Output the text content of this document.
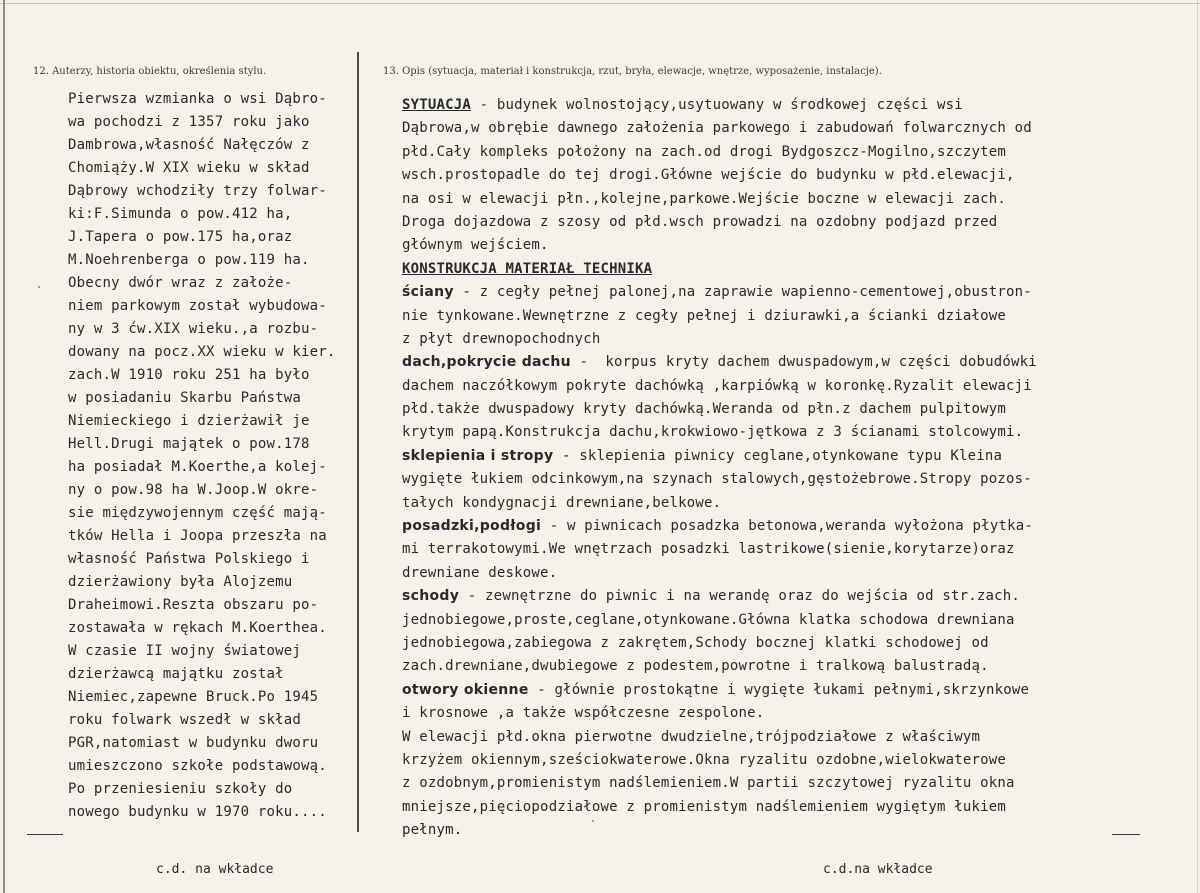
12. Auterzy, historia obiektu, określenia stylu.	13. Opis (sytuacja, materiał i konstrukcja, rzut, bryła, elewacje, wnętrze, wyposażenie, instalacje).
Pierwsza wzmianka o wsi Dąbro-
wa pochodzi z 1357 roku jako
Dambrowa,własność Nałęczów z
Chomiąży.W XIX wieku w skład
Dąbrowy wchodziły trzy folwar-
ki:F.Simunda o pow.412 ha,
J.Tapera o pow.175 ha,oraz
M.Noehrenberga o pow.119 ha.
Obecny dwór wraz z założe-
niem parkowym został wybudowa-
ny w 3 ćw.XIX wieku.,a rozbu-
dowany na pocz.XX wieku w kier.
zach.W 1910 roku 251 ha było
w posiadaniu Skarbu Państwa
Niemieckiego i dzierżawił je
Hell.Drugi majątek o pow.178
ha posiadał M.Koerthe,a kolej-
ny o pow.98 ha W.Joop.W okre-
sie międzywojennym część mają-
tków Hella i Joopa przeszła na
własność Państwa Polskiego i
dzierżawiony była Alojzemu
Draheimowi.Reszta obszaru po-
zostawała w rękach M.Koerthea.
W czasie II wojny światowej
dzierżawcą majątku został
Niemiec,zapewne Bruck.Po 1945
roku folwark wszedł w skład
PGR,natomiast w budynku dworu
umieszczono szkołe podstawową.
Po przeniesieniu szkoły do
nowego budynku w 1970 roku....
SYTUACJA - budynek wolnostojący,usytuowany w środkowej części wsi
Dąbrowa,w obrębie dawnego założenia parkowego i zabudowań folwarcznych od
płd.Cały kompleks położony na zach.od drogi Bydgoszcz-Mogilno,szczytem
wsch.prostopadle do tej drogi.Główne wejście do budynku w płd.elewacji,
na osi w elewacji płn.,kolejne,parkowe.Wejście boczne w elewacji zach.
Droga dojazdowa z szosy od płd.wsch prowadzi na ozdobny podjazd przed
głównym wejściem.
KONSTRUKCJA MATERIAŁ TECHNIKA
ściany - z cegły pełnej palonej,na zaprawie wapienno-cementowej,obustron-
nie tynkowane.Wewnętrzne z cegły pełnej i dziurawki,a ścianki działowe
z płyt drewnopochodnych
dach,pokrycie dachu -  korpus kryty dachem dwuspadowym,w części dobudówki
dachem naczółkowym pokryte dachówką ,karpiówką w koronkę.Ryzalit elewacji
płd.także dwuspadowy kryty dachówką.Weranda od płn.z dachem pulpitowym
krytym papą.Konstrukcja dachu,krokwiowo-jętkowa z 3 ścianami stolcowymi.
sklepienia i stropy - sklepienia piwnicy ceglane,otynkowane typu Kleina
wygięte łukiem odcinkowym,na szynach stalowych,gęstożebrowe.Stropy pozos-
tałych kondygnacji drewniane,belkowe.
posadzki,podłogi - w piwnicach posadzka betonowa,weranda wyłożona płytka-
mi terrakotowymi.We wnętrzach posadzki lastrikowe(sienie,korytarze)oraz
drewniane deskowe.
schody - zewnętrzne do piwnic i na werandę oraz do wejścia od str.zach.
jednobiegowe,proste,ceglane,otynkowane.Główna klatka schodowa drewniana
jednobiegowa,zabiegowa z zakrętem,Schody bocznej klatki schodowej od
zach.drewniane,dwubiegowe z podestem,powrotne i tralkową balustradą.
otwory okienne - głównie prostokątne i wygięte łukami pełnymi,skrzynkowe
i krosnowe ,a także współczesne zespolone.
W elewacji płd.okna pierwotne dwudzielne,trójpodziałowe z właściwym
krzyżem okiennym,sześciokwaterowe.Okna ryzalitu ozdobne,wielokwaterowe
z ozdobnym,promienistym nadślemieniem.W partii szczytowej ryzalitu okna
mniejsze,pięciopodziałowe z promienistym nadślemieniem wygiętym łukiem
pełnym.
c.d. na wkładce	c.d.na wkładce
